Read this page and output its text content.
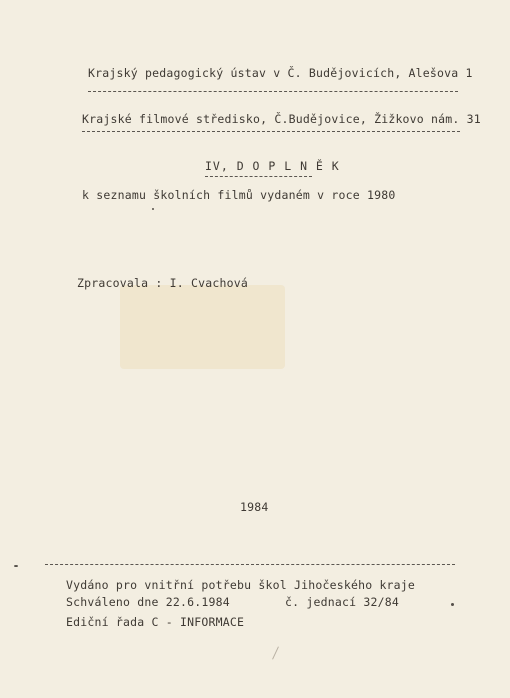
Krajský pedagogický ústav v Č. Budějovicích, Alešova 1
Krajské filmové středisko, Č.Budějovice, Žižkovo nám. 31
IV, D O P L N Ě K
k seznamu školních filmů vydaném v roce 1980
Zpracovala : I. Cvachová
1984
Vydáno pro vnitřní potřebu škol Jihočeského kraje
Schváleno dne 22.6.1984	č. jednací 32/84
Ediční řada C - INFORMACE
